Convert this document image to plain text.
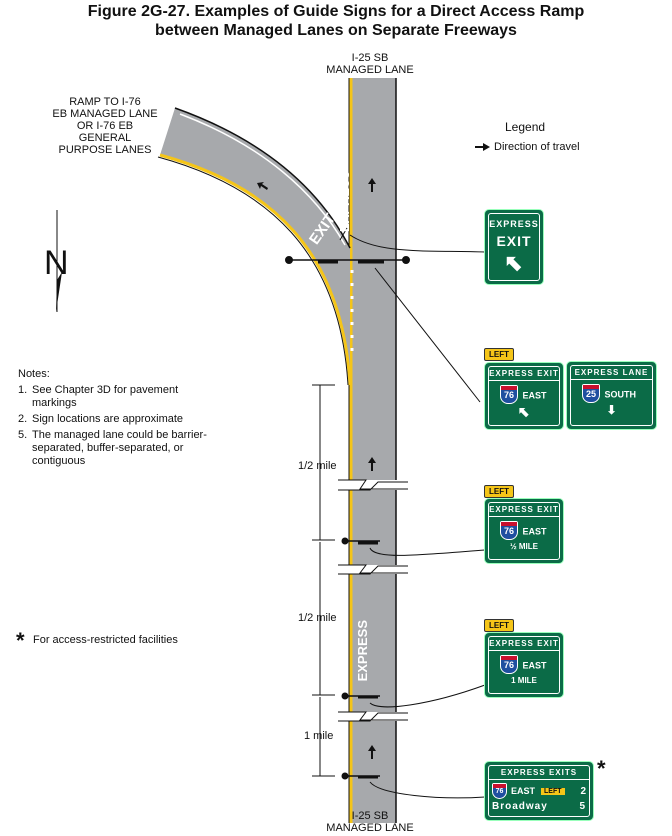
Figure 2G-27. Examples of Guide Signs for a Direct Access Ramp
between Managed Lanes on Separate Freeways
EXIT
EXPRESS
EXPRESS
I-25 SB
MANAGED LANE
I-25 SB
MANAGED LANE
RAMP TO I-76
EB MANAGED LANE
OR I-76 EB
GENERAL
PURPOSE LANES
N
1/2 mile
1/2 mile
1 mile
Legend
Direction of travel
Notes:
1. See Chapter 3D for pavement markings
2. Sign locations are approximate
5. The managed lane could be barrier-separated, buffer-separated, or contiguous
* For access-restricted facilities
EXPRESS
EXIT
⬆
LEFT
EXPRESS EXIT
76 EAST
⬆
EXPRESS LANE
25 SOUTH
⬇
LEFT
EXPRESS EXIT
76 EAST
½ MILE
LEFT
EXPRESS EXIT
76 EAST
1 MILE
EXPRESS EXITS
76 EAST	LEFT	2
Broadway	5
*
